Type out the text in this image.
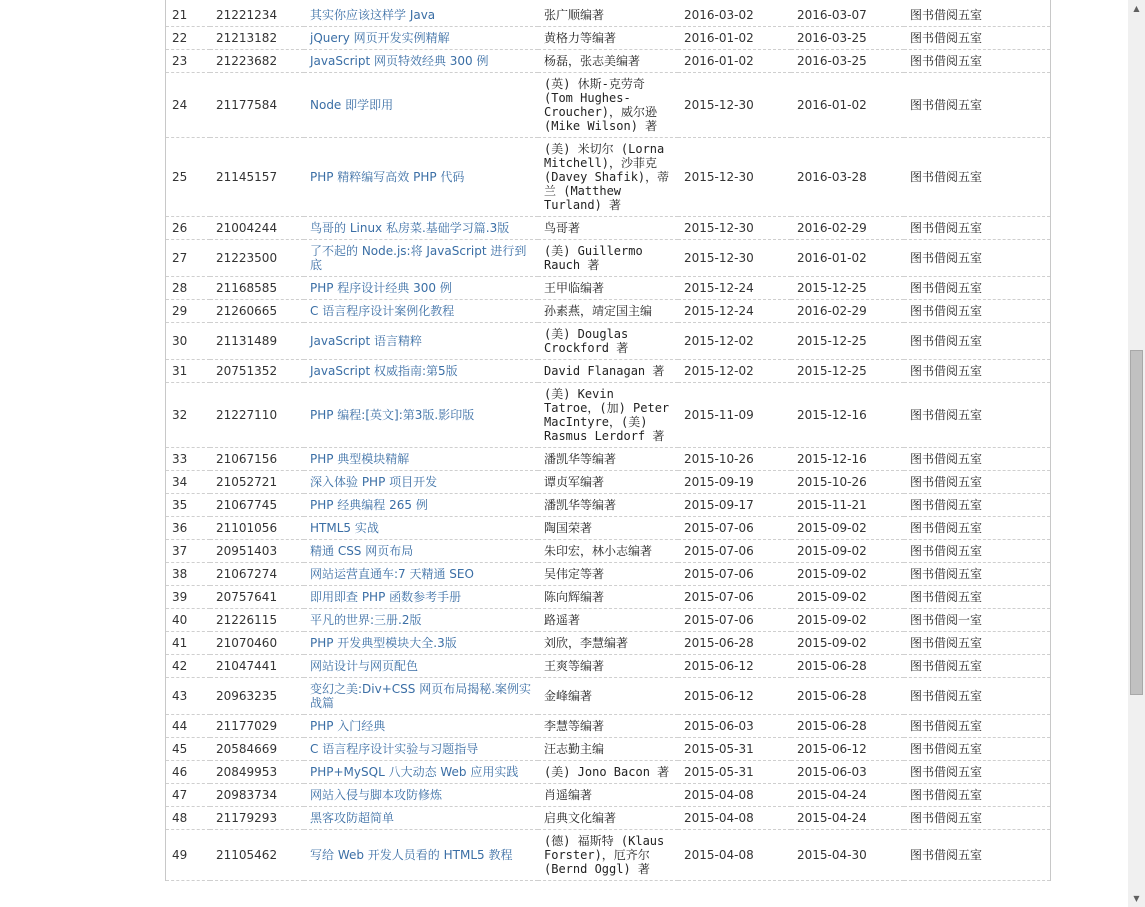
21	21221234	其实你应该这样学 Java	张广顺编著	2016-03-02	2016-03-07	图书借阅五室
22	21213182	jQuery 网页开发实例精解	黄格力等编著	2016-01-02	2016-03-25	图书借阅五室
23	21223682	JavaScript 网页特效经典 300 例	杨磊，张志美编著	2016-01-02	2016-03-25	图书借阅五室
24	21177584	Node 即学即用	(英) 休斯-克劳奇 (Tom Hughes-Croucher)，威尔逊 (Mike Wilson) 著	2015-12-30	2016-01-02	图书借阅五室
25	21145157	PHP 精粹编写高效 PHP 代码	(美) 米切尔 (Lorna Mitchell)，沙菲克 (Davey Shafik)，蒂兰 (Matthew Turland) 著	2015-12-30	2016-03-28	图书借阅五室
26	21004244	鸟哥的 Linux 私房菜.基础学习篇.3版	鸟哥著	2015-12-30	2016-02-29	图书借阅五室
27	21223500	了不起的 Node.js:将 JavaScript 进行到底	(美) Guillermo Rauch 著	2015-12-30	2016-01-02	图书借阅五室
28	21168585	PHP 程序设计经典 300 例	王甲临编著	2015-12-24	2015-12-25	图书借阅五室
29	21260665	C 语言程序设计案例化教程	孙素燕，靖定国主编	2015-12-24	2016-02-29	图书借阅五室
30	21131489	JavaScript 语言精粹	(美) Douglas Crockford 著	2015-12-02	2015-12-25	图书借阅五室
31	20751352	JavaScript 权威指南:第5版	David Flanagan 著	2015-12-02	2015-12-25	图书借阅五室
32	21227110	PHP 编程:[英文]:第3版.影印版	(美) Kevin Tatroe，(加) Peter MacIntyre，(美) Rasmus Lerdorf 著	2015-11-09	2015-12-16	图书借阅五室
33	21067156	PHP 典型模块精解	潘凯华等编著	2015-10-26	2015-12-16	图书借阅五室
34	21052721	深入体验 PHP 项目开发	谭贞军编著	2015-09-19	2015-10-26	图书借阅五室
35	21067745	PHP 经典编程 265 例	潘凯华等编著	2015-09-17	2015-11-21	图书借阅五室
36	21101056	HTML5 实战	陶国荣著	2015-07-06	2015-09-02	图书借阅五室
37	20951403	精通 CSS 网页布局	朱印宏，林小志编著	2015-07-06	2015-09-02	图书借阅五室
38	21067274	网站运营直通车:7 天精通 SEO	吴伟定等著	2015-07-06	2015-09-02	图书借阅五室
39	20757641	即用即查 PHP 函数参考手册	陈向辉编著	2015-07-06	2015-09-02	图书借阅五室
40	21226115	平凡的世界:三册.2版	路遥著	2015-07-06	2015-09-02	图书借阅一室
41	21070460	PHP 开发典型模块大全.3版	刘欣，李慧编著	2015-06-28	2015-09-02	图书借阅五室
42	21047441	网站设计与网页配色	王爽等编著	2015-06-12	2015-06-28	图书借阅五室
43	20963235	变幻之美:Div+CSS 网页布局揭秘.案例实战篇	金峰编著	2015-06-12	2015-06-28	图书借阅五室
44	21177029	PHP 入门经典	李慧等编著	2015-06-03	2015-06-28	图书借阅五室
45	20584669	C 语言程序设计实验与习题指导	汪志勤主编	2015-05-31	2015-06-12	图书借阅五室
46	20849953	PHP+MySQL 八大动态 Web 应用实践	(美) Jono Bacon 著	2015-05-31	2015-06-03	图书借阅五室
47	20983734	网站入侵与脚本攻防修炼	肖遥编著	2015-04-08	2015-04-24	图书借阅五室
48	21179293	黑客攻防超简单	启典文化编著	2015-04-08	2015-04-24	图书借阅五室
49	21105462	写给 Web 开发人员看的 HTML5 教程	(德) 福斯特 (Klaus Forster)，厄齐尔 (Bernd Oggl) 著	2015-04-08	2015-04-30	图书借阅五室
▲
▼
